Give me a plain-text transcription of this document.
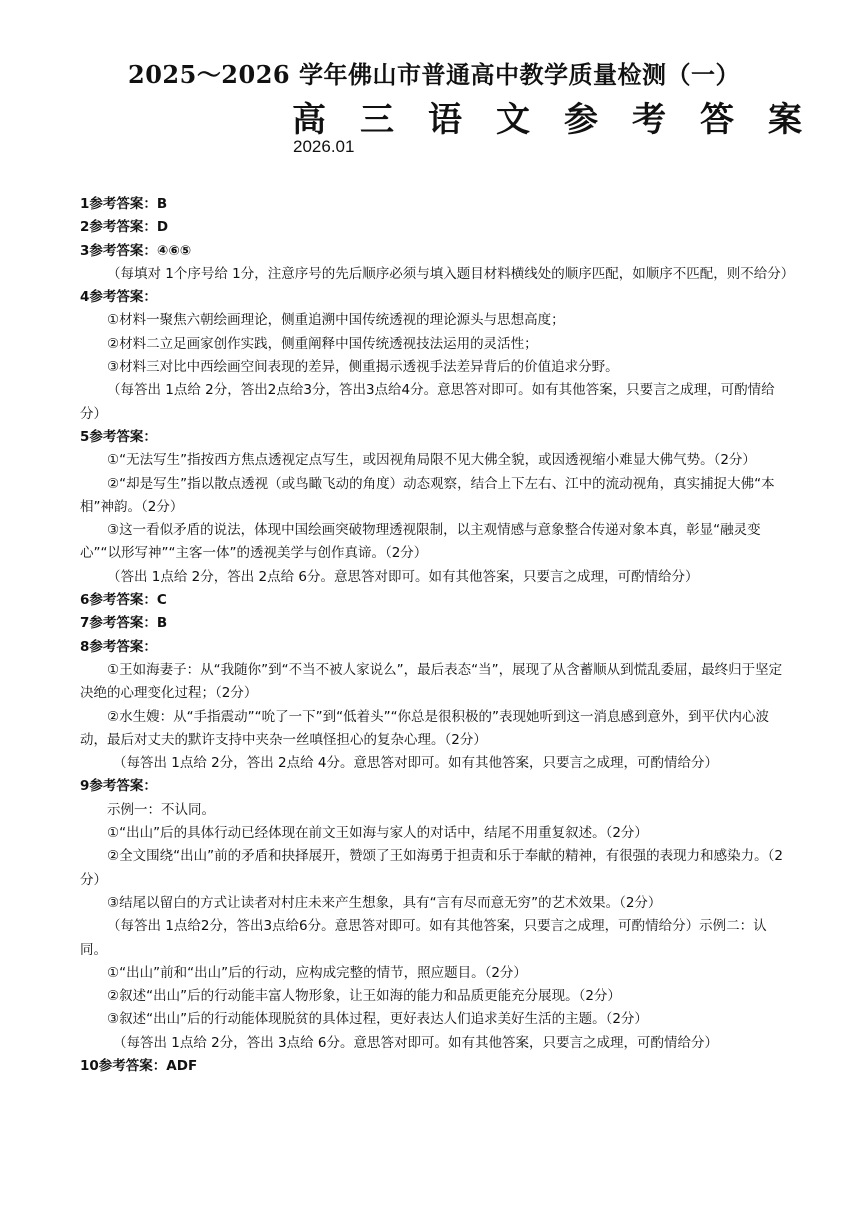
2025～2026 学年佛山市普通高中教学质量检测（一）
高三语文参考答案
2026.01
1参考答案：B
2参考答案：D
3参考答案：④⑥⑤
（每填对 1个序号给 1分，注意序号的先后顺序必须与填入题目材料横线处的顺序匹配，如顺序不匹配，则不给分）
4参考答案：
①材料一聚焦六朝绘画理论，侧重追溯中国传统透视的理论源头与思想高度；
②材料二立足画家创作实践，侧重阐释中国传统透视技法运用的灵活性；
③材料三对比中西绘画空间表现的差异，侧重揭示透视手法差异背后的价值追求分野。
（每答出 1点给 2分，答出2点给3分，答出3点给4分。意思答对即可。如有其他答案，只要言之成理，可酌情给分）
5参考答案：
①“无法写生”指按西方焦点透视定点写生，或因视角局限不见大佛全貌，或因透视缩小难显大佛气势。（2分）
②“却是写生”指以散点透视（或鸟瞰飞动的角度）动态观察，结合上下左右、江中的流动视角，真实捕捉大佛“本相”神韵。（2分）
③这一看似矛盾的说法，体现中国绘画突破物理透视限制，以主观情感与意象整合传递对象本真，彰显“融灵变心”“以形写神”“主客一体”的透视美学与创作真谛。（2分）
（答出 1点给 2分，答出 2点给 6分。意思答对即可。如有其他答案，只要言之成理，可酌情给分）
6参考答案：C
7参考答案：B
8参考答案：
①王如海妻子：从“我随你”到“不当不被人家说么”，最后表态“当”，展现了从含蓄顺从到慌乱委屈，最终归于坚定决绝的心理变化过程；（2分）
②水生嫂：从“手指震动”“吮了一下”到“低着头”“你总是很积极的”表现她听到这一消息感到意外，到平伏内心波动，最后对丈夫的默许支持中夹杂一丝嗔怪担心的复杂心理。（2分）
（每答出 1点给 2分，答出 2点给 4分。意思答对即可。如有其他答案，只要言之成理，可酌情给分）
9参考答案：
示例一：不认同。
①“出山”后的具体行动已经体现在前文王如海与家人的对话中，结尾不用重复叙述。（2分）
②全文围绕“出山”前的矛盾和抉择展开，赞颂了王如海勇于担责和乐于奉献的精神，有很强的表现力和感染力。（2分）
③结尾以留白的方式让读者对村庄未来产生想象，具有“言有尽而意无穷”的艺术效果。（2分）
（每答出 1点给2分，答出3点给6分。意思答对即可。如有其他答案，只要言之成理，可酌情给分）示例二：认同。
①“出山”前和“出山”后的行动，应构成完整的情节，照应题目。（2分）
②叙述“出山”后的行动能丰富人物形象，让王如海的能力和品质更能充分展现。（2分）
③叙述“出山”后的行动能体现脱贫的具体过程，更好表达人们追求美好生活的主题。（2分）
（每答出 1点给 2分，答出 3点给 6分。意思答对即可。如有其他答案，只要言之成理，可酌情给分）
10参考答案：ADF
